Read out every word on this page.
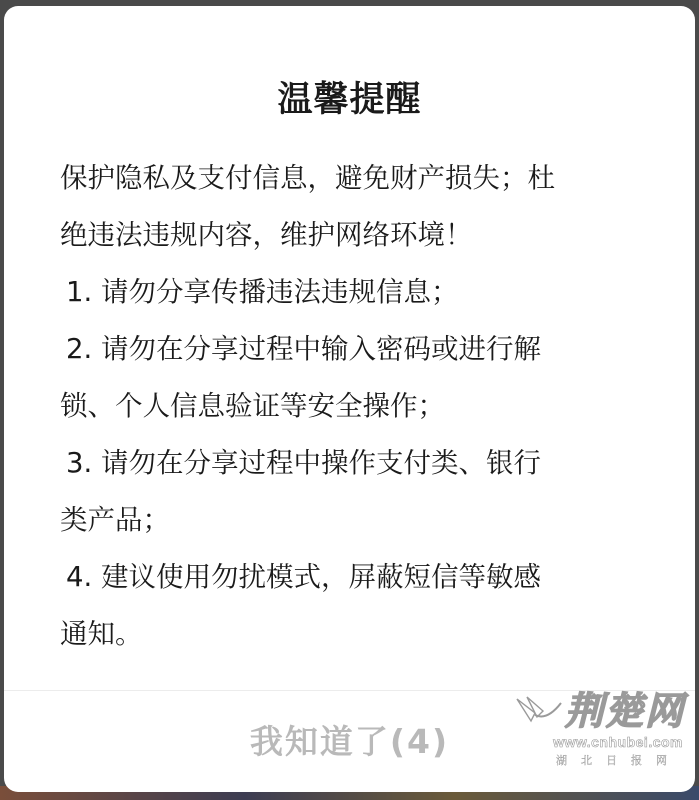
温馨提醒

保护隐私及支付信息，避免财产损失；杜

绝违法违规内容，维护网络环境！

1. 请勿分享传播违法违规信息；

2. 请勿在分享过程中输入密码或进行解

锁、个人信息验证等安全操作；

3. 请勿在分享过程中操作支付类、银行

类产品；

4. 建议使用勿扰模式，屏蔽短信等敏感

通知。

我知道了(4)
荆楚网
www.cnhubei.com
湖北日报网
